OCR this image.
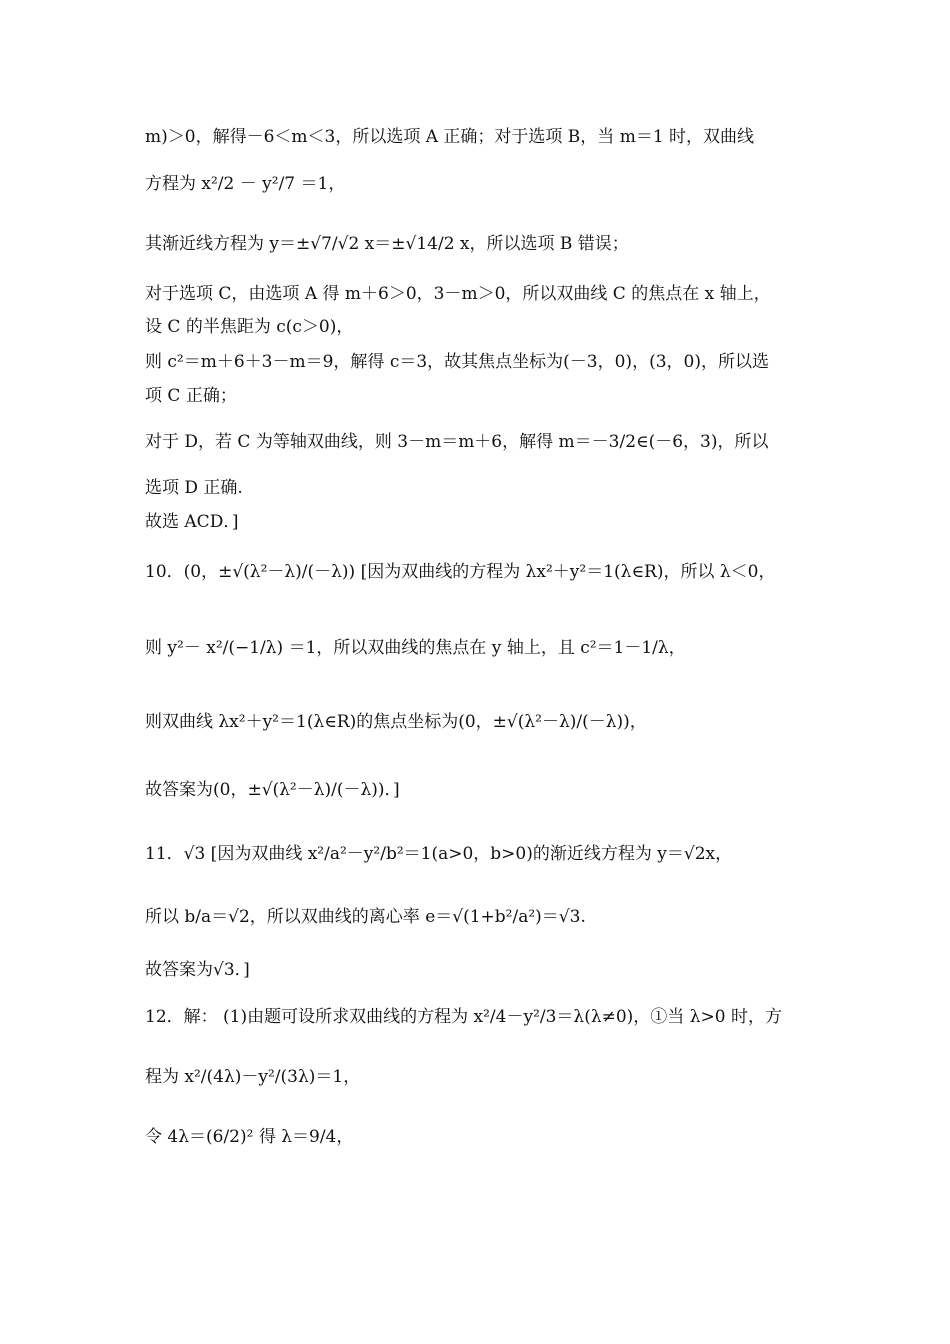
m)＞0，解得－6＜m＜3，所以选项 A 正确；对于选项 B，当 m＝1 时，双曲线
方程为 x²/2 － y²/7 ＝1，
其渐近线方程为 y＝±√7/√2 x＝±√14/2 x，所以选项 B 错误；
对于选项 C，由选项 A 得 m＋6＞0，3－m＞0，所以双曲线 C 的焦点在 x 轴上，
设 C 的半焦距为 c(c＞0)，
则 c²＝m＋6＋3－m＝9，解得 c＝3，故其焦点坐标为(－3，0)，(3，0)，所以选
项 C 正确；
对于 D，若 C 为等轴双曲线，则 3－m＝m＋6，解得 m＝－3/2∈(－6，3)，所以
选项 D 正确.
故选 ACD．]
10．(0，±√(λ²－λ)/(－λ)) [因为双曲线的方程为 λx²＋y²＝1(λ∈R)，所以 λ＜0，
则 y²－ x²/(−1/λ) ＝1，所以双曲线的焦点在 y 轴上，且 c²＝1－1/λ，
则双曲线 λx²＋y²＝1(λ∈R)的焦点坐标为(0，±√(λ²－λ)/(－λ))，
故答案为(0，±√(λ²－λ)/(－λ))．]
11．√3 [因为双曲线 x²/a²－y²/b²＝1(a>0，b>0)的渐近线方程为 y＝√2x，
所以 b/a＝√2，所以双曲线的离心率 e＝√(1+b²/a²)＝√3.
故答案为√3．]
12．解： (1)由题可设所求双曲线的方程为 x²/4－y²/3＝λ(λ≠0)，①当 λ>0 时，方
程为 x²/(4λ)－y²/(3λ)＝1，
令 4λ＝(6/2)² 得 λ＝9/4，
